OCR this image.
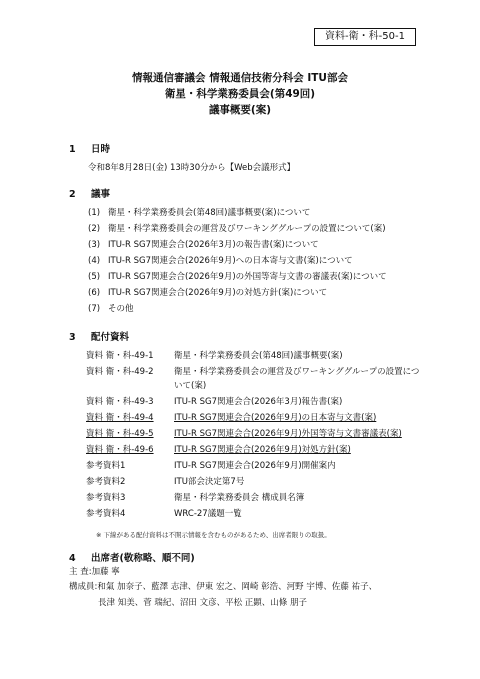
資料-衛・科-50-1
情報通信審議会 情報通信技術分科会 ITU部会
衛星・科学業務委員会(第49回)
議事概要(案)
1 日時
令和8年8月28日(金) 13時30分から【Web会議形式】
2 議事
(1) 衛星・科学業務委員会(第48回)議事概要(案)について
(2) 衛星・科学業務委員会の運営及びワーキンググループの設置について(案)
(3) ITU-R SG7関連会合(2026年3月)の報告書(案)について
(4) ITU-R SG7関連会合(2026年9月)への日本寄与文書(案)について
(5) ITU-R SG7関連会合(2026年9月)の外国等寄与文書の審議表(案)について
(6) ITU-R SG7関連会合(2026年9月)の対処方針(案)について
(7) その他
3 配付資料
資料 衛・科-49-1 衛星・科学業務委員会(第48回)議事概要(案)
資料 衛・科-49-2 衛星・科学業務委員会の運営及びワーキンググループの設置について(案)
資料 衛・科-49-3 ITU-R SG7関連会合(2026年3月)報告書(案)
資料 衛・科-49-4 ITU-R SG7関連会合(2026年9月)の日本寄与文書(案)
資料 衛・科-49-5 ITU-R SG7関連会合(2026年9月)外国等寄与文書審議表(案)
資料 衛・科-49-6 ITU-R SG7関連会合(2026年9月)対処方針(案)
参考資料1	ITU-R SG7関連会合(2026年9月)開催案内
参考資料2	ITU部会決定第7号
参考資料3	衛星・科学業務委員会 構成員名簿
参考資料4	WRC-27議題一覧
※ 下線がある配付資料は不開示情報を含むものがあるため、出席者限りの取扱。
4 出席者(敬称略、順不同)
主 査:加藤 寧
構成員:和氣 加奈子、藍澤 志津、伊東 宏之、岡崎 彰浩、河野 宇博、佐藤 祐子、
長津 知美、菅 瑞紀、沼田 文彦、平松 正顕、山條 朋子
